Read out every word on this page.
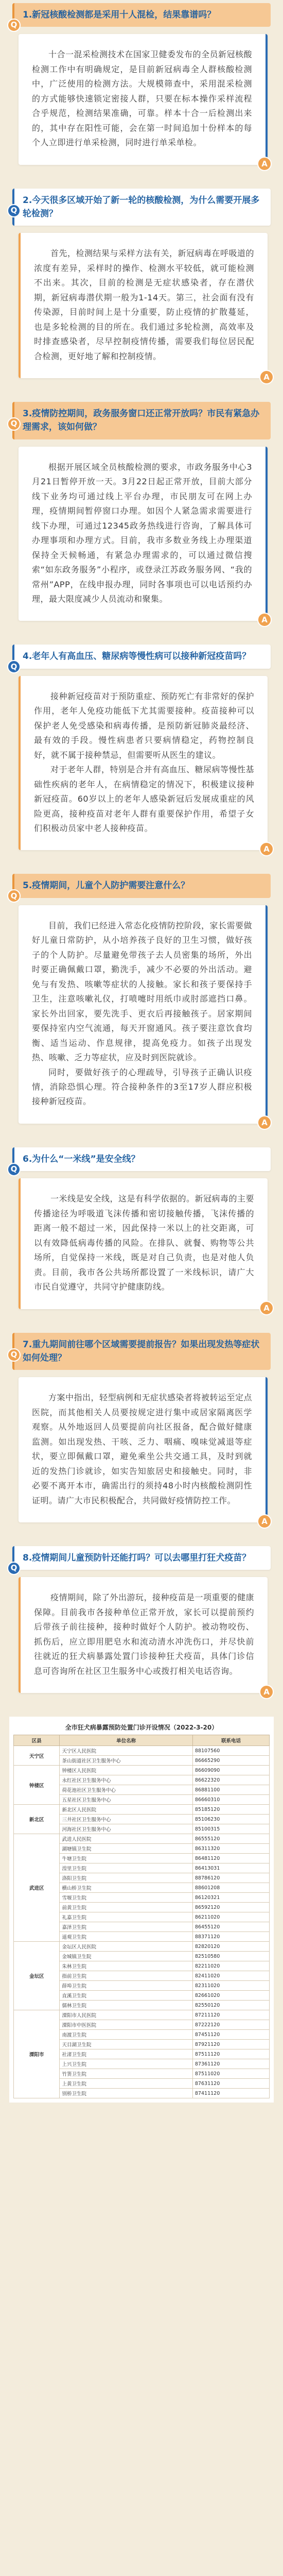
1.新冠核酸检测都是采用十人混检，结果靠谱吗？
Q

十合一混采检测技术在国家卫健委发布的全员新冠核酸检测工作中有明确规定，是目前新冠病毒全人群核酸检测中，广泛使用的检测方法。大规模筛查中，采用混采检测的方式能够快速锁定密接人群，只要在标本操作采样流程合乎规范，检测结果准确，可靠。样本十合一后检测出来的，其中存在阳性可能，会在第一时间追加十份样本的每个人立即进行单采检测，同时进行单采单检。

A
2.今天很多区域开始了新一轮的核酸检测，为什么需要开展多轮检测？
Q

首先，检测结果与采样方法有关，新冠病毒在呼吸道的浓度有差异，采样时的操作、检测水平较低，就可能检测不出来。其次，目前的检测是无症状感染者，存在潜伏期，新冠病毒潜伏期一般为1-14天。第三，社会面有没有传染源，目前时间上是十分重要，防止疫情的扩散蔓延，也是多轮检测的目的所在。我们通过多轮检测，高效率及时排查感染者，尽早控制疫情传播，需要我们每位居民配合检测，更好地了解和控制疫情。

A
3.疫情防控期间，政务服务窗口还正常开放吗？市民有紧急办理需求，该如何做？
Q

根据开展区域全员核酸检测的要求，市政务服务中心3月21日暂停开放一天。3月22日起正常开放，目前大部分线下业务均可通过线上平台办理，市民朋友可在网上办理，疫情期间暂停窗口办理。如因个人紧急需求需要进行线下办理，可通过12345政务热线进行咨询，了解具体可办理事项和办理方式。目前，我市多数业务线上办理渠道保持全天候畅通，有紧急办理需求的，可以通过微信搜索“如东政务服务”小程序，或登录江苏政务服务网、“我的常州”APP，在线申报办理，同时各事项也可以电话预约办理，最大限度减少人员流动和聚集。

A
4.老年人有高血压、糖尿病等慢性病可以接种新冠疫苗吗？
Q

接种新冠疫苗对于预防重症、预防死亡有非常好的保护作用，老年人免疫功能低下尤其需要接种。疫苗接种可以保护老人免受感染和病毒传播，是预防新冠肺炎最经济、最有效的手段。慢性病患者只要病情稳定，药物控制良好，就不属于接种禁忌，但需要听从医生的建议。

对于老年人群，特别是合并有高血压、糖尿病等慢性基础性疾病的老年人，在病情稳定的情况下，积极建议接种新冠疫苗。60岁以上的老年人感染新冠后发展成重症的风险更高，接种疫苗对老年人群有重要保护作用，希望子女们积极动员家中老人接种疫苗。

A
5.疫情期间，儿童个人防护需要注意什么？
Q

目前，我们已经进入常态化疫情防控阶段，家长需要做好儿童日常防护，从小培养孩子良好的卫生习惯，做好孩子的个人防护。尽量避免带孩子去人员密集的场所，外出时要正确佩戴口罩，勤洗手，减少不必要的外出活动。避免与有发热、咳嗽等症状的人接触。家长和孩子要保持手卫生，注意咳嗽礼仪，打喷嚏时用纸巾或肘部遮挡口鼻。家长外出回家，要先洗手、更衣后再接触孩子。居家期间要保持室内空气流通，每天开窗通风。孩子要注意饮食均衡、适当运动、作息规律，提高免疫力。如孩子出现发热、咳嗽、乏力等症状，应及时到医院就诊。

同时，要做好孩子的心理疏导，引导孩子正确认识疫情，消除恐惧心理。符合接种条件的3至17岁人群应积极接种新冠疫苗。

A
6.为什么“一米线”是安全线？
Q

一米线是安全线，这是有科学依据的。新冠病毒的主要传播途径为呼吸道飞沫传播和密切接触传播，飞沫传播的距离一般不超过一米，因此保持一米以上的社交距离，可以有效降低病毒传播的风险。在排队、就餐、购物等公共场所，自觉保持一米线，既是对自己负责，也是对他人负责。目前，我市各公共场所都设置了一米线标识，请广大市民自觉遵守，共同守护健康防线。

A
7.重九期间前往哪个区域需要提前报告？如果出现发热等症状如何处理？
Q

方案中指出，轻型病例和无症状感染者将被转运至定点医院，而其他相关人员要按规定进行集中或居家隔离医学观察。从外地返回人员要提前向社区报备，配合做好健康监测。如出现发热、干咳、乏力、咽痛、嗅味觉减退等症状，要立即佩戴口罩，避免乘坐公共交通工具，及时到就近的发热门诊就诊，如实告知旅居史和接触史。同时，非必要不离开本市，确需出行的须持48小时内核酸检测阴性证明。请广大市民积极配合，共同做好疫情防控工作。

A
8.疫情期间儿童预防针还能打吗？可以去哪里打狂犬疫苗？
Q

疫情期间，除了外出游玩，接种疫苗是一项重要的健康保障。目前我市各接种单位正常开放，家长可以提前预约后带孩子前往接种，接种时做好个人防护。被动物咬伤、抓伤后，应立即用肥皂水和流动清水冲洗伤口，并尽快前往就近的狂犬病暴露处置门诊接种狂犬疫苗，具体门诊信息可咨询所在社区卫生服务中心或拨打相关电话咨询。

A
全市狂犬病暴露预防处置门诊开设情况（2022-3-20）
区县	单位名称	联系电话
天宁区	天宁区人民医院	88107560
	茶山街道社区卫生服务中心	86665290
钟楼区	钟楼区人民医院	86609090
	永红社区卫生服务中心	86622320
	荷花池社区卫生服务中心	86881100
	五星社区卫生服务中心	86660310
新北区	新北区人民医院	85185120
	三井社区卫生服务中心	85106230
	河海社区卫生服务中心	85100315
武进区	武进人民医院	86555120
	湖塘镇卫生院	86311320
	牛塘卫生院	86481120
	湟里卫生院	86413031
	洛阳卫生院	88786120
	横山桥卫生院	88601208
	雪堰卫生院	86120321
	前黄卫生院	86592120
	礼嘉卫生院	86211020
	嘉泽卫生院	86455120
	遥观卫生院	88371120
金坛区	金坛区人民医院	82820120
	金城镇卫生院	82510580
	朱林卫生院	82211020
	指前卫生院	82411020
	薛埠卫生院	82311020
	直溪卫生院	82661020
	儒林卫生院	82550120
溧阳市	溧阳市人民医院	87211120
	溧阳市中医医院	87222120
	南渡卫生院	87451120
	天目湖卫生院	87921120
	社渚卫生院	87511120
	上兴卫生院	87361120
	竹箦卫生院	87511020
	上黄卫生院	87631120
	别桥卫生院	87411120
